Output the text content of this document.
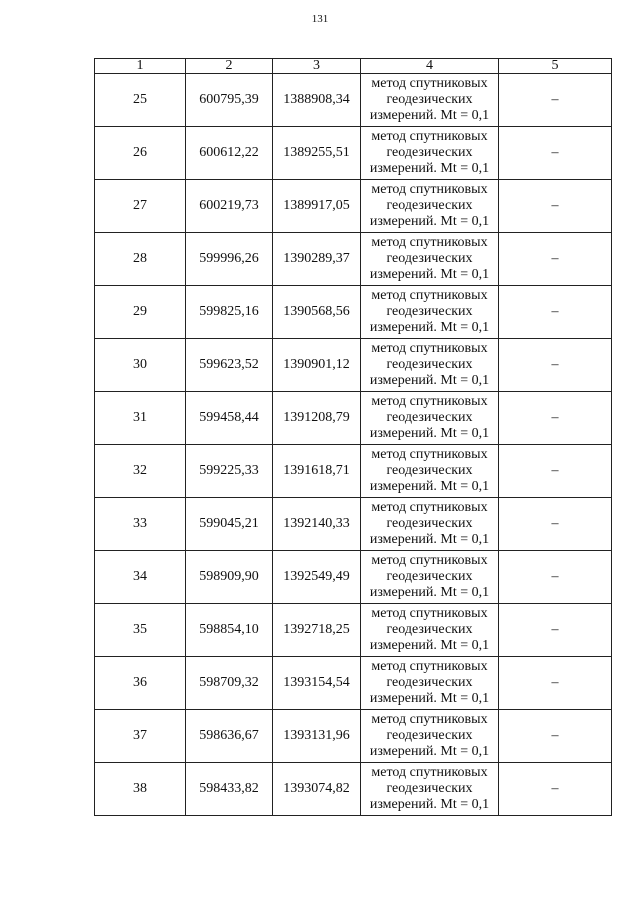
131
1	2	3	4	5
25	600795,39	1388908,34	метод спутниковых
геодезических
измерений. Mt = 0,1	–
26	600612,22	1389255,51	метод спутниковых
геодезических
измерений. Mt = 0,1	–
27	600219,73	1389917,05	метод спутниковых
геодезических
измерений. Mt = 0,1	–
28	599996,26	1390289,37	метод спутниковых
геодезических
измерений. Mt = 0,1	–
29	599825,16	1390568,56	метод спутниковых
геодезических
измерений. Mt = 0,1	–
30	599623,52	1390901,12	метод спутниковых
геодезических
измерений. Mt = 0,1	–
31	599458,44	1391208,79	метод спутниковых
геодезических
измерений. Mt = 0,1	–
32	599225,33	1391618,71	метод спутниковых
геодезических
измерений. Mt = 0,1	–
33	599045,21	1392140,33	метод спутниковых
геодезических
измерений. Mt = 0,1	–
34	598909,90	1392549,49	метод спутниковых
геодезических
измерений. Mt = 0,1	–
35	598854,10	1392718,25	метод спутниковых
геодезических
измерений. Mt = 0,1	–
36	598709,32	1393154,54	метод спутниковых
геодезических
измерений. Mt = 0,1	–
37	598636,67	1393131,96	метод спутниковых
геодезических
измерений. Mt = 0,1	–
38	598433,82	1393074,82	метод спутниковых
геодезических
измерений. Mt = 0,1	–
